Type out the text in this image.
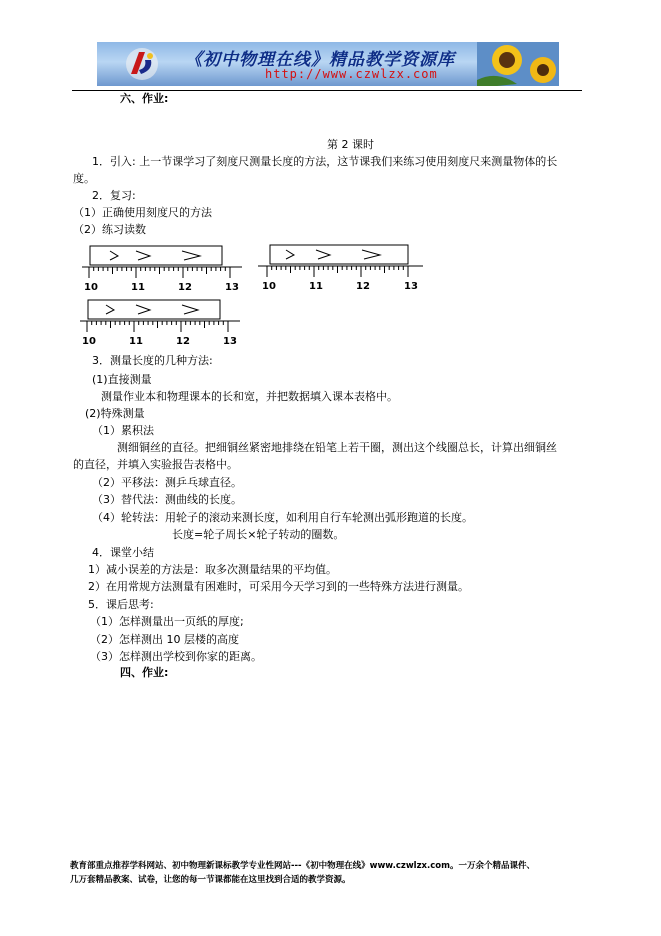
《初中物理在线》精品教学资源库
http://www.czwlzx.com
六、作业:
第 2 课时
1．引入: 上一节课学习了刻度尺测量长度的方法，这节课我们来练习使用刻度尺来测量物体的长
度。
2．复习:
（1）正确使用刻度尺的方法
（2）练习读数
10	11	12	13 10	11	12	13
10	11	12	13
3．测量长度的几种方法:
(1)直接测量
测量作业本和物理课本的长和宽，并把数据填入课本表格中。
(2)特殊测量
（1）累积法
测细铜丝的直径。把细铜丝紧密地排绕在铅笔上若干圈，测出这个线圈总长，计算出细铜丝
的直径，并填入实验报告表格中。
（2）平移法：测乒乓球直径。
（3）替代法：测曲线的长度。
（4）轮转法：用轮子的滚动来测长度，如利用自行车轮测出弧形跑道的长度。
长度=轮子周长×轮子转动的圈数。
4．课堂小结
1）减小误差的方法是：取多次测量结果的平均值。
2）在用常规方法测量有困难时，可采用今天学习到的一些特殊方法进行测量。
5．课后思考:
（1）怎样测量出一页纸的厚度;
（2）怎样测出 10 层楼的高度
（3）怎样测出学校到你家的距离。
四、作业:
教育部重点推荐学科网站、初中物理新课标教学专业性网站---《初中物理在线》www.czwlzx.com。一万余个精品课件、
几万套精品教案、试卷，让您的每一节课都能在这里找到合适的教学资源。
